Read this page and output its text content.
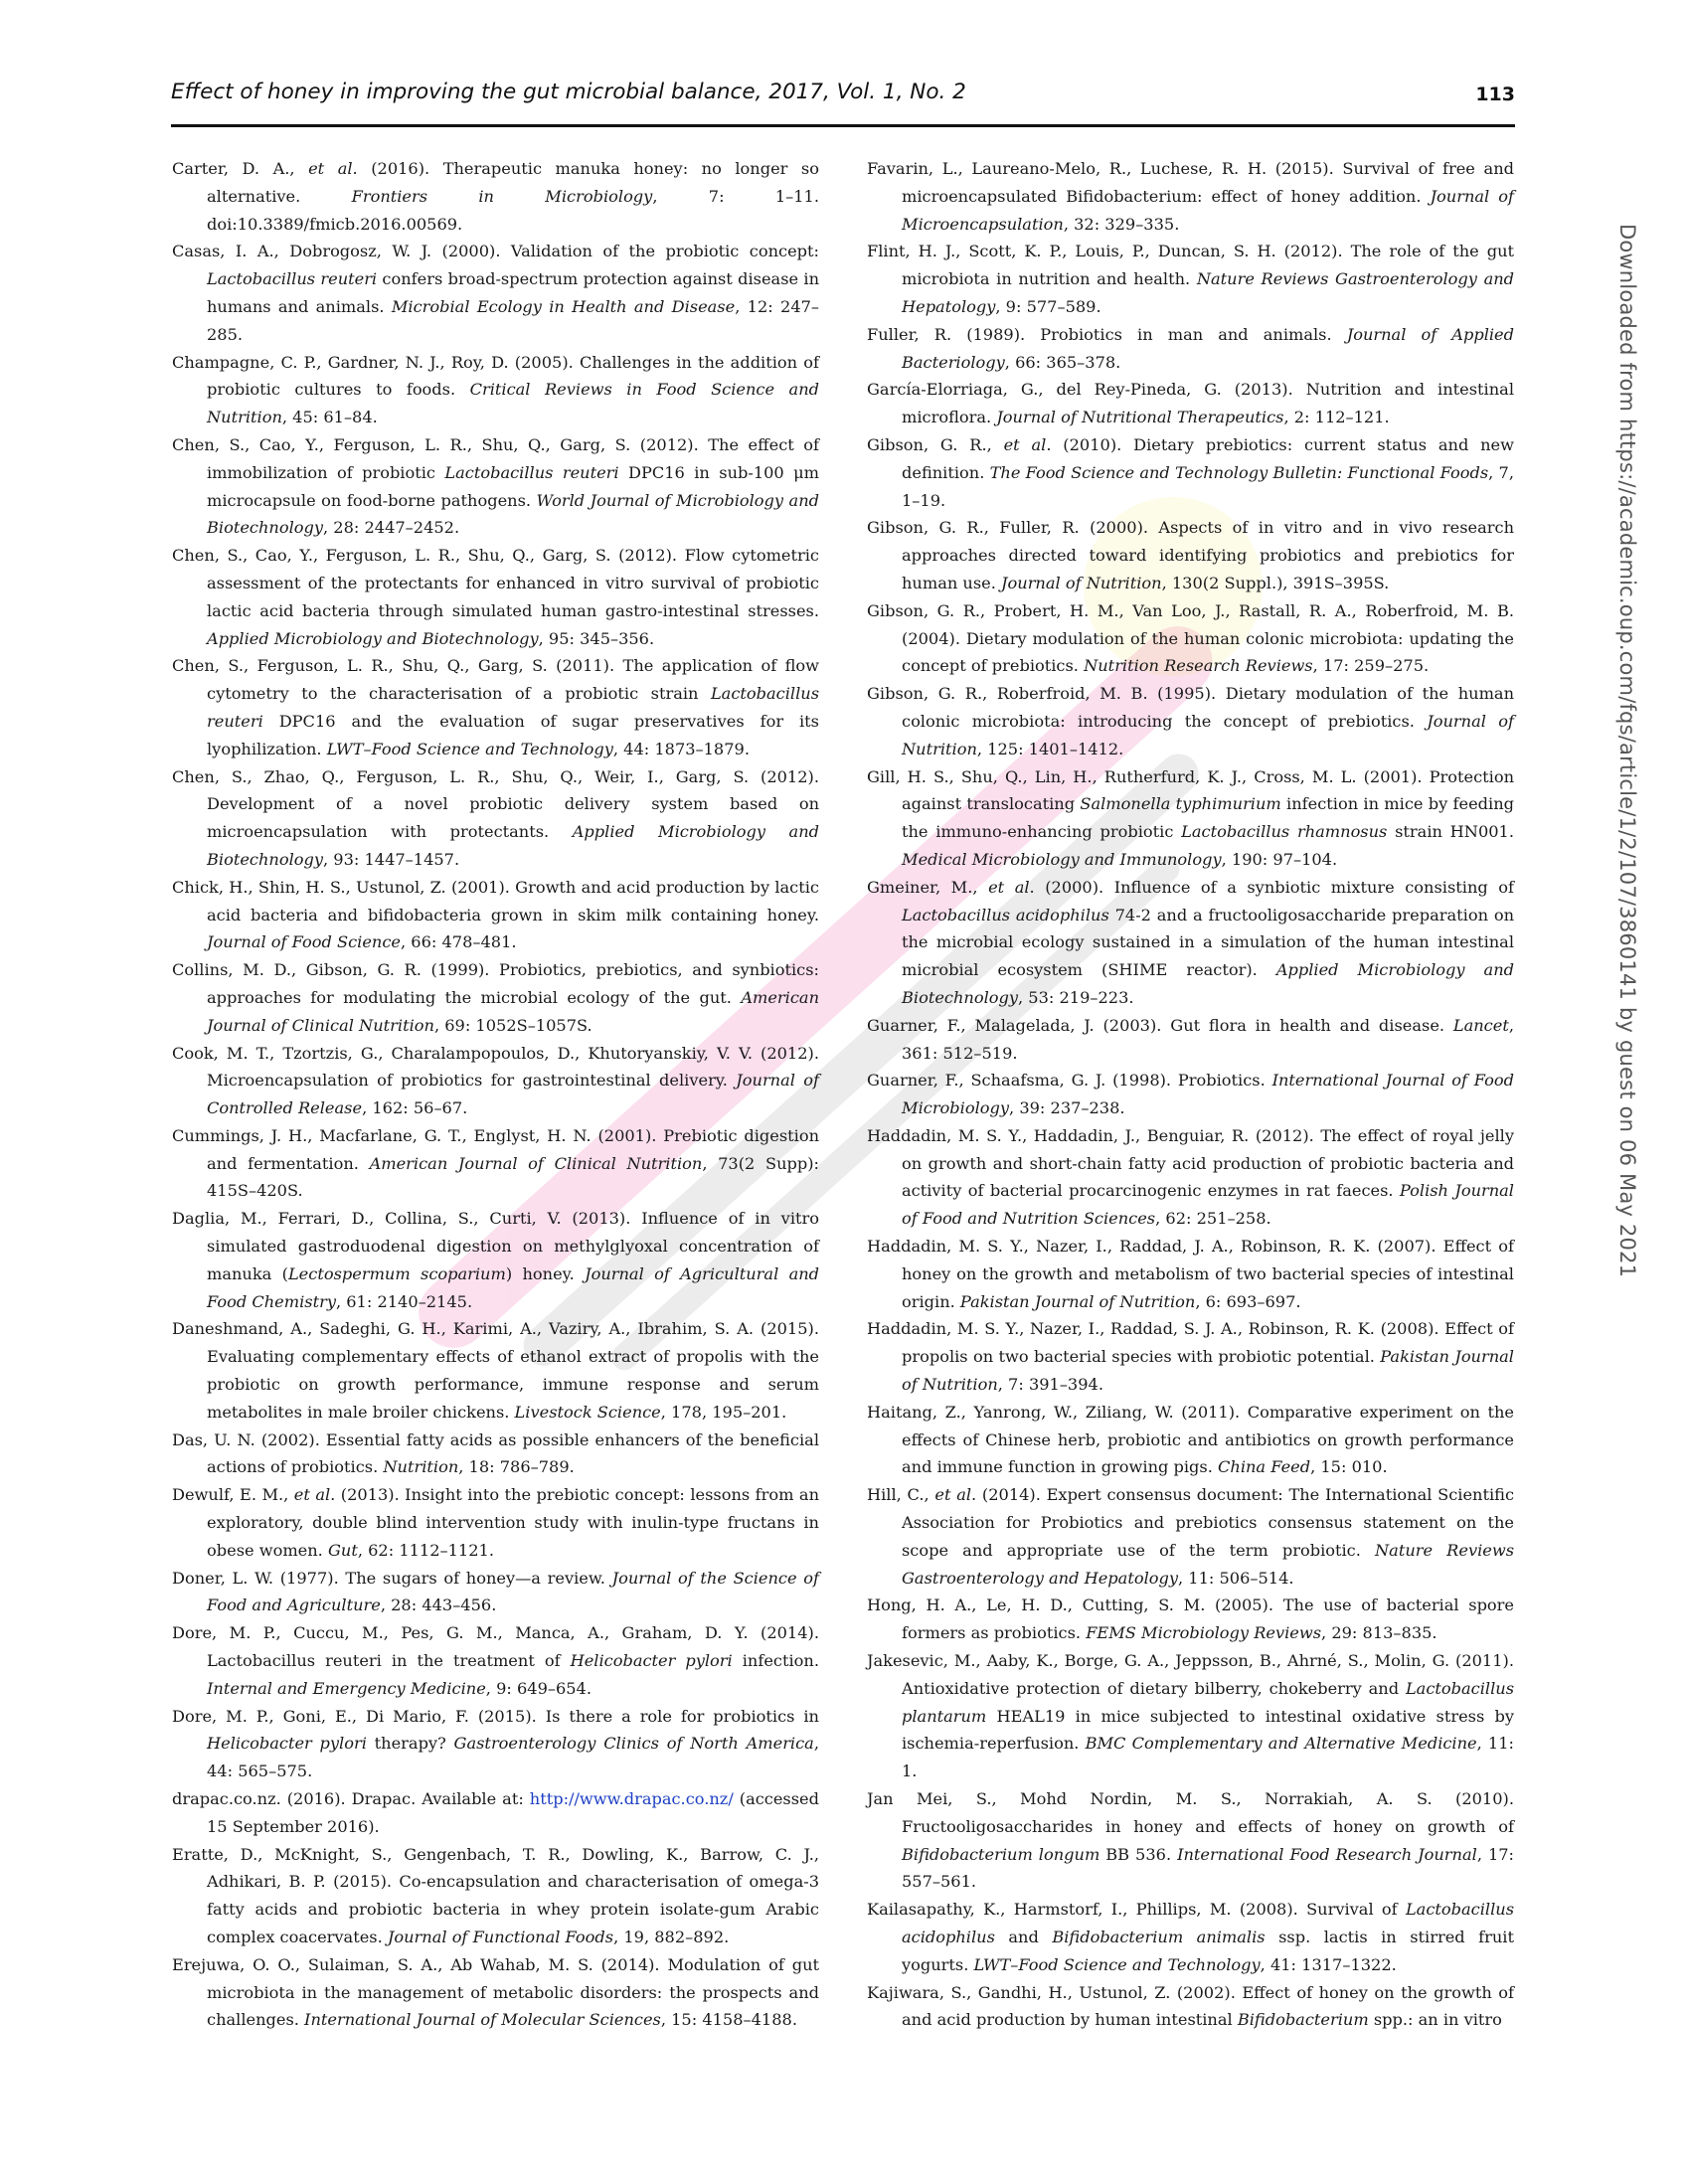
Effect of honey in improving the gut microbial balance, 2017, Vol. 1, No. 2	113

Carter, D. A., et al. (2016). Therapeutic manuka honey: no longer so alternative. Frontiers in Microbiology, 7: 1–11. doi:10.3389/fmicb.2016.00569.

Casas, I. A., Dobrogosz, W. J. (2000). Validation of the probiotic concept: Lactobacillus reuteri confers broad-spectrum protection against disease in humans and animals. Microbial Ecology in Health and Disease, 12: 247–285.

Champagne, C. P., Gardner, N. J., Roy, D. (2005). Challenges in the addition of probiotic cultures to foods. Critical Reviews in Food Science and Nutrition, 45: 61–84.

Chen, S., Cao, Y., Ferguson, L. R., Shu, Q., Garg, S. (2012). The effect of immobilization of probiotic Lactobacillus reuteri DPC16 in sub-100 μm microcapsule on food-borne pathogens. World Journal of Microbiology and Biotechnology, 28: 2447–2452.

Chen, S., Cao, Y., Ferguson, L. R., Shu, Q., Garg, S. (2012). Flow cytometric assessment of the protectants for enhanced in vitro survival of probiotic lactic acid bacteria through simulated human gastro-intestinal stresses. Applied Microbiology and Biotechnology, 95: 345–356.

Chen, S., Ferguson, L. R., Shu, Q., Garg, S. (2011). The application of flow cytometry to the characterisation of a probiotic strain Lactobacillus reuteri DPC16 and the evaluation of sugar preservatives for its lyophilization. LWT–Food Science and Technology, 44: 1873–1879.

Chen, S., Zhao, Q., Ferguson, L. R., Shu, Q., Weir, I., Garg, S. (2012). Development of a novel probiotic delivery system based on microencapsulation with protectants. Applied Microbiology and Biotechnology, 93: 1447–1457.

Chick, H., Shin, H. S., Ustunol, Z. (2001). Growth and acid production by lactic acid bacteria and bifidobacteria grown in skim milk containing honey. Journal of Food Science, 66: 478–481.

Collins, M. D., Gibson, G. R. (1999). Probiotics, prebiotics, and synbiotics: approaches for modulating the microbial ecology of the gut. American Journal of Clinical Nutrition, 69: 1052S–1057S.

Cook, M. T., Tzortzis, G., Charalampopoulos, D., Khutoryanskiy, V. V. (2012). Microencapsulation of probiotics for gastrointestinal delivery. Journal of Controlled Release, 162: 56–67.

Cummings, J. H., Macfarlane, G. T., Englyst, H. N. (2001). Prebiotic digestion and fermentation. American Journal of Clinical Nutrition, 73(2 Supp): 415S–420S.

Daglia, M., Ferrari, D., Collina, S., Curti, V. (2013). Influence of in vitro simulated gastroduodenal digestion on methylglyoxal concentration of manuka (Lectospermum scoparium) honey. Journal of Agricultural and Food Chemistry, 61: 2140–2145.

Daneshmand, A., Sadeghi, G. H., Karimi, A., Vaziry, A., Ibrahim, S. A. (2015). Evaluating complementary effects of ethanol extract of propolis with the probiotic on growth performance, immune response and serum metabolites in male broiler chickens. Livestock Science, 178, 195–201.

Das, U. N. (2002). Essential fatty acids as possible enhancers of the beneficial actions of probiotics. Nutrition, 18: 786–789.

Dewulf, E. M., et al. (2013). Insight into the prebiotic concept: lessons from an exploratory, double blind intervention study with inulin-type fructans in obese women. Gut, 62: 1112–1121.

Doner, L. W. (1977). The sugars of honey—a review. Journal of the Science of Food and Agriculture, 28: 443–456.

Dore, M. P., Cuccu, M., Pes, G. M., Manca, A., Graham, D. Y. (2014). Lactobacillus reuteri in the treatment of Helicobacter pylori infection. Internal and Emergency Medicine, 9: 649–654.

Dore, M. P., Goni, E., Di Mario, F. (2015). Is there a role for probiotics in Helicobacter pylori therapy? Gastroenterology Clinics of North America, 44: 565–575.

drapac.co.nz. (2016). Drapac. Available at: http://www.drapac.co.nz/ (accessed 15 September 2016).

Eratte, D., McKnight, S., Gengenbach, T. R., Dowling, K., Barrow, C. J., Adhikari, B. P. (2015). Co-encapsulation and characterisation of omega-3 fatty acids and probiotic bacteria in whey protein isolate-gum Arabic complex coacervates. Journal of Functional Foods, 19, 882–892.

Erejuwa, O. O., Sulaiman, S. A., Ab Wahab, M. S. (2014). Modulation of gut microbiota in the management of metabolic disorders: the prospects and challenges. International Journal of Molecular Sciences, 15: 4158–4188.

Favarin, L., Laureano-Melo, R., Luchese, R. H. (2015). Survival of free and microencapsulated Bifidobacterium: effect of honey addition. Journal of Microencapsulation, 32: 329–335.

Flint, H. J., Scott, K. P., Louis, P., Duncan, S. H. (2012). The role of the gut microbiota in nutrition and health. Nature Reviews Gastroenterology and Hepatology, 9: 577–589.

Fuller, R. (1989). Probiotics in man and animals. Journal of Applied Bacteriology, 66: 365–378.

García-Elorriaga, G., del Rey-Pineda, G. (2013). Nutrition and intestinal microflora. Journal of Nutritional Therapeutics, 2: 112–121.

Gibson, G. R., et al. (2010). Dietary prebiotics: current status and new definition. The Food Science and Technology Bulletin: Functional Foods, 7, 1–19.

Gibson, G. R., Fuller, R. (2000). Aspects of in vitro and in vivo research approaches directed toward identifying probiotics and prebiotics for human use. Journal of Nutrition, 130(2 Suppl.), 391S–395S.

Gibson, G. R., Probert, H. M., Van Loo, J., Rastall, R. A., Roberfroid, M. B. (2004). Dietary modulation of the human colonic microbiota: updating the concept of prebiotics. Nutrition Research Reviews, 17: 259–275.

Gibson, G. R., Roberfroid, M. B. (1995). Dietary modulation of the human colonic microbiota: introducing the concept of prebiotics. Journal of Nutrition, 125: 1401–1412.

Gill, H. S., Shu, Q., Lin, H., Rutherfurd, K. J., Cross, M. L. (2001). Protection against translocating Salmonella typhimurium infection in mice by feeding the immuno-enhancing probiotic Lactobacillus rhamnosus strain HN001. Medical Microbiology and Immunology, 190: 97–104.

Gmeiner, M., et al. (2000). Influence of a synbiotic mixture consisting of Lactobacillus acidophilus 74-2 and a fructooligosaccharide preparation on the microbial ecology sustained in a simulation of the human intestinal microbial ecosystem (SHIME reactor). Applied Microbiology and Biotechnology, 53: 219–223.

Guarner, F., Malagelada, J. (2003). Gut flora in health and disease. Lancet, 361: 512–519.

Guarner, F., Schaafsma, G. J. (1998). Probiotics. International Journal of Food Microbiology, 39: 237–238.

Haddadin, M. S. Y., Haddadin, J., Benguiar, R. (2012). The effect of royal jelly on growth and short-chain fatty acid production of probiotic bacteria and activity of bacterial procarcinogenic enzymes in rat faeces. Polish Journal of Food and Nutrition Sciences, 62: 251–258.

Haddadin, M. S. Y., Nazer, I., Raddad, J. A., Robinson, R. K. (2007). Effect of honey on the growth and metabolism of two bacterial species of intestinal origin. Pakistan Journal of Nutrition, 6: 693–697.

Haddadin, M. S. Y., Nazer, I., Raddad, S. J. A., Robinson, R. K. (2008). Effect of propolis on two bacterial species with probiotic potential. Pakistan Journal of Nutrition, 7: 391–394.

Haitang, Z., Yanrong, W., Ziliang, W. (2011). Comparative experiment on the effects of Chinese herb, probiotic and antibiotics on growth performance and immune function in growing pigs. China Feed, 15: 010.

Hill, C., et al. (2014). Expert consensus document: The International Scientific Association for Probiotics and prebiotics consensus statement on the scope and appropriate use of the term probiotic. Nature Reviews Gastroenterology and Hepatology, 11: 506–514.

Hong, H. A., Le, H. D., Cutting, S. M. (2005). The use of bacterial spore formers as probiotics. FEMS Microbiology Reviews, 29: 813–835.

Jakesevic, M., Aaby, K., Borge, G. A., Jeppsson, B., Ahrné, S., Molin, G. (2011). Antioxidative protection of dietary bilberry, chokeberry and Lactobacillus plantarum HEAL19 in mice subjected to intestinal oxidative stress by ischemia-reperfusion. BMC Complementary and Alternative Medicine, 11: 1.

Jan Mei, S., Mohd Nordin, M. S., Norrakiah, A. S. (2010). Fructooligosaccharides in honey and effects of honey on growth of Bifidobacterium longum BB 536. International Food Research Journal, 17: 557–561.

Kailasapathy, K., Harmstorf, I., Phillips, M. (2008). Survival of Lactobacillus acidophilus and Bifidobacterium animalis ssp. lactis in stirred fruit yogurts. LWT–Food Science and Technology, 41: 1317–1322.

Kajiwara, S., Gandhi, H., Ustunol, Z. (2002). Effect of honey on the growth of and acid production by human intestinal Bifidobacterium spp.: an in vitro

Downloaded from https://academic.oup.com/fqs/article/1/2/107/3860141 by guest on 06 May 2021
